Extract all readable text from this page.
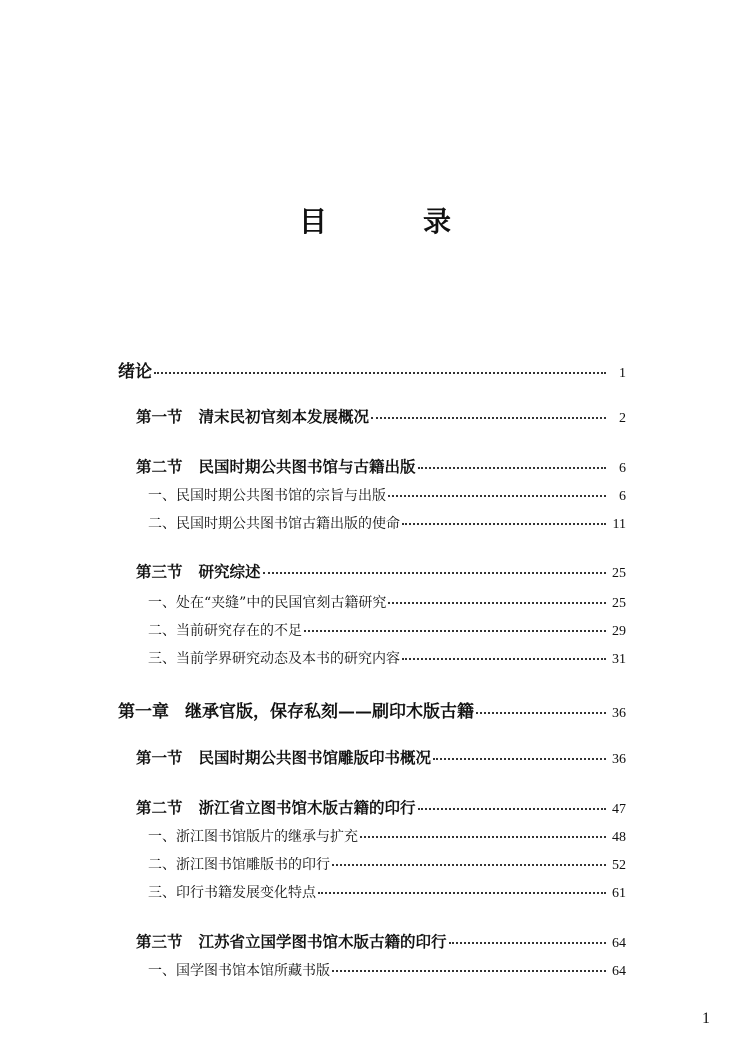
目　录
绪论	1
第一节 清末民初官刻本发展概况	2
第二节 民国时期公共图书馆与古籍出版	6
一、民国时期公共图书馆的宗旨与出版	6
二、民国时期公共图书馆古籍出版的使命	11
第三节 研究综述	25
一、处在“夹缝”中的民国官刻古籍研究	25
二、当前研究存在的不足	29
三、当前学界研究动态及本书的研究内容	31
第一章 继承官版，保存私刻——刷印木版古籍	36
第一节 民国时期公共图书馆雕版印书概况	36
第二节 浙江省立图书馆木版古籍的印行	47
一、浙江图书馆版片的继承与扩充	48
二、浙江图书馆雕版书的印行	52
三、印行书籍发展变化特点	61
第三节 江苏省立国学图书馆木版古籍的印行	64
一、国学图书馆本馆所藏书版	64
1
